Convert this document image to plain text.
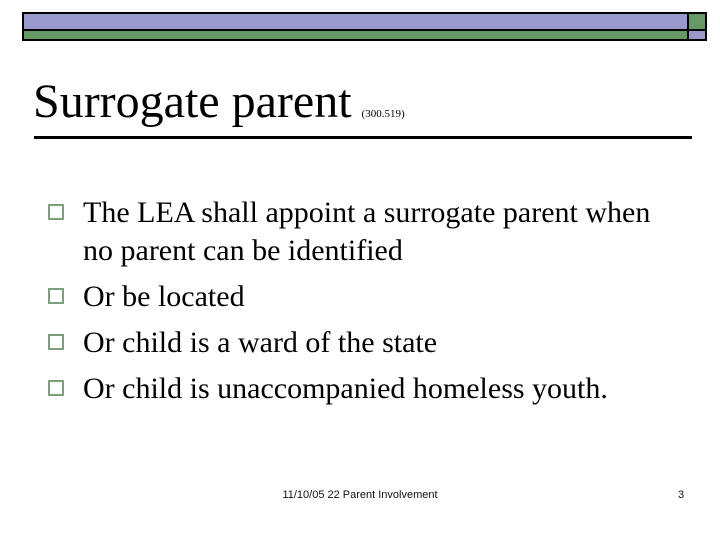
Surrogate parent (300.519)
The LEA shall appoint a surrogate parent when no parent can be identified
Or be located
Or child is a ward of the state
Or child is unaccompanied homeless youth.
11/10/05 22 Parent Involvement	3
